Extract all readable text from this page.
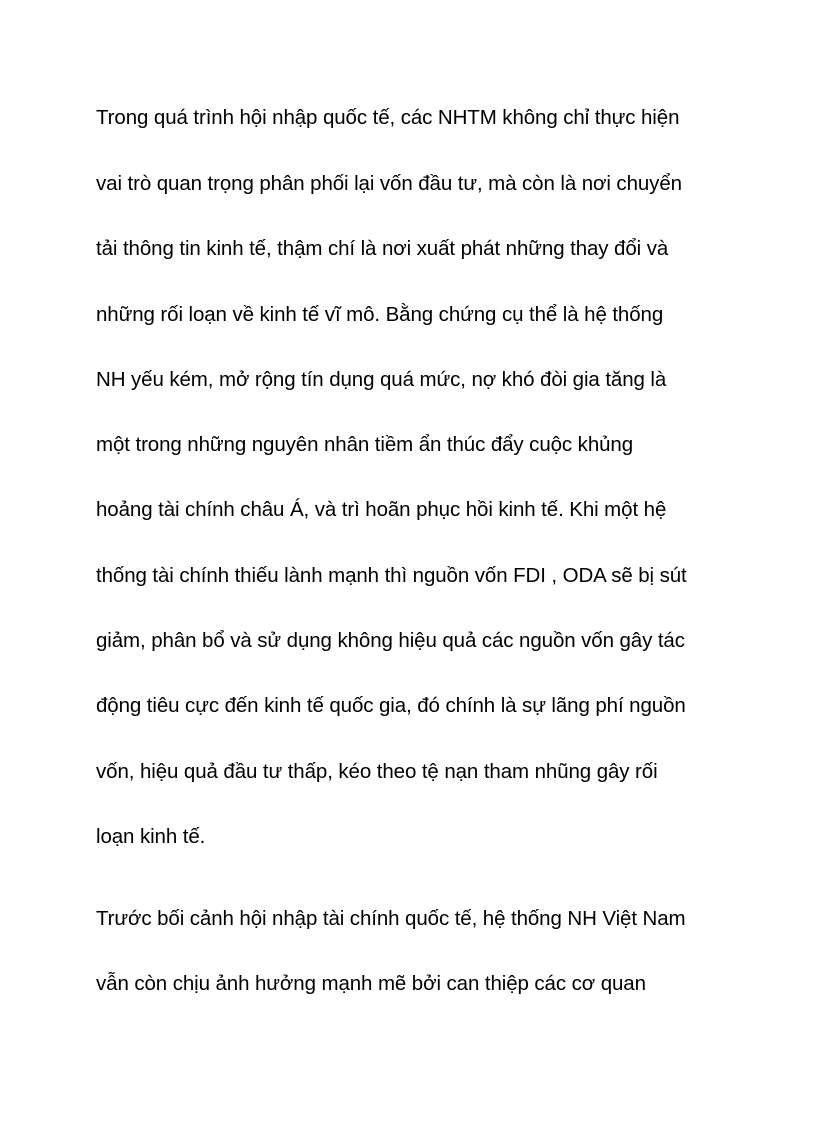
Trong quá trình hội nhập quốc tế, các NHTM không chỉ thực hiện
vai trò quan trọng phân phối lại vốn đầu tư, mà còn là nơi chuyển
tải thông tin kinh tế, thậm chí là nơi xuất phát những thay đổi và
những rối loạn về kinh tế vĩ mô. Bằng chứng cụ thể là hệ thống
NH yếu kém, mở rộng tín dụng quá mức, nợ khó đòi gia tăng là
một trong những nguyên nhân tiềm ẩn thúc đẩy cuộc khủng
hoảng tài chính châu Á, và trì hoãn phục hồi kinh tế. Khi một hệ
thống tài chính thiếu lành mạnh thì nguồn vốn FDI , ODA sẽ bị sút
giảm, phân bổ và sử dụng không hiệu quả các nguồn vốn gây tác
động tiêu cực đến kinh tế quốc gia, đó chính là sự lãng phí nguồn
vốn, hiệu quả đầu tư thấp, kéo theo tệ nạn tham nhũng gây rối
loạn kinh tế.
Trước bối cảnh hội nhập tài chính quốc tế, hệ thống NH Việt Nam
vẫn còn chịu ảnh hưởng mạnh mẽ bởi can thiệp các cơ quan
